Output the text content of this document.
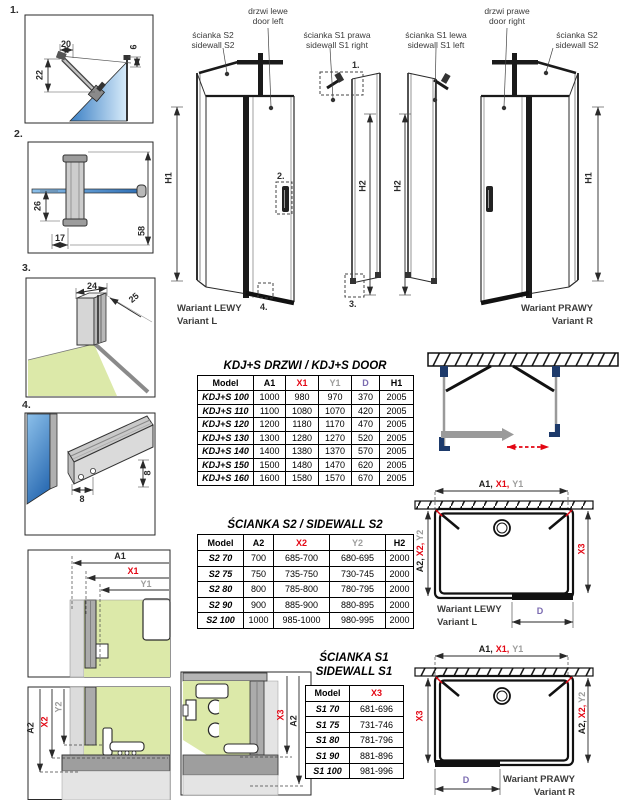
1.
2.
3.
4.
20	6
22
26
17
58
24
25
8
8
ścianka S2
sidewall S2
drzwi lewe
door left
ścianka S1 prawa
sidewall S1 right
1.
2.
3.
4.
H1
H2
Wariant LEWY
Variant L
drzwi prawe
door right
ścianka S1 lewa
sidewall S1 left
ścianka S2
sidewall S2
H2
H1
Wariant PRAWY
Variant R
A1
X1
Y1
A2
X2
Y2
X3
A2
KDJ+S DRZWI / KDJ+S DOOR
Model	A1	X1	Y1	D	H1
KDJ+S 100	1000	980	970	370	2005
KDJ+S 110	1100	1080	1070	420	2005
KDJ+S 120	1200	1180	1170	470	2005
KDJ+S 130	1300	1280	1270	520	2005
KDJ+S 140	1400	1380	1370	570	2005
KDJ+S 150	1500	1480	1470	620	2005
KDJ+S 160	1600	1580	1570	670	2005
ŚCIANKA S2 / SIDEWALL S2
Model	A2	X2	Y2	H2
S2 70	700	685-700	680-695	2000
S2 75	750	735-750	730-745	2000
S2 80	800	785-800	780-795	2000
S2 90	900	885-900	880-895	2000
S2 100	1000	985-1000	980-995	2000
ŚCIANKA S1
SIDEWALL S1
Model	X3
S1 70	681-696
S1 75	731-746
S1 80	781-796
S1 90	881-896
S1 100	981-996
A1, X1, Y1
A2,
X2,
Y2
X3
D
Wariant LEWY
Variant L
A1, X1, Y1
X3
A2,
X2,
Y2
D	Wariant PRAWY
Variant R
